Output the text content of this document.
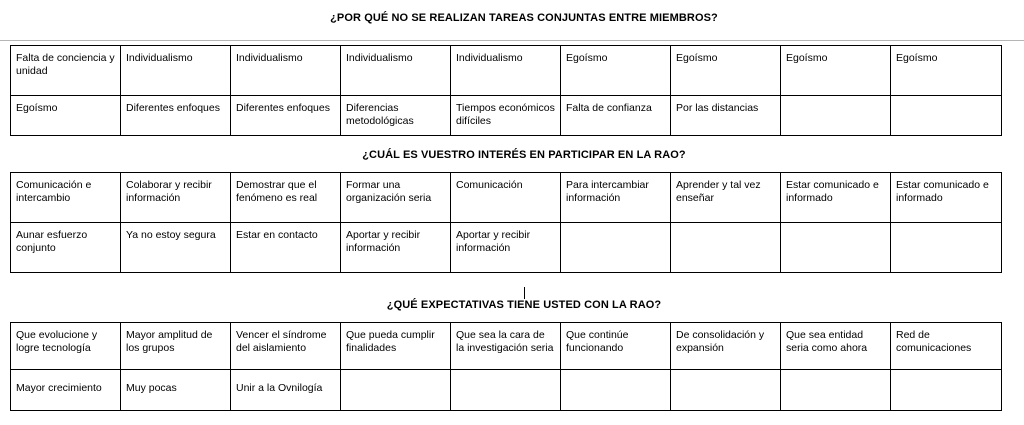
¿POR QUÉ NO SE REALIZAN TAREAS CONJUNTAS ENTRE MIEMBROS?
Falta de conciencia y unidad	Individualismo	Individualismo	Individualismo	Individualismo	Egoísmo	Egoísmo	Egoísmo	Egoísmo
Egoísmo	Diferentes enfoques	Diferentes enfoques	Diferencias metodológicas	Tiempos económicos difíciles	Falta de confianza	Por las distancias		
¿CUÁL ES VUESTRO INTERÉS EN PARTICIPAR EN LA RAO?
Comunicación e intercambio	Colaborar y recibir información	Demostrar que el fenómeno es real	Formar una organización seria	Comunicación	Para intercambiar información	Aprender y tal vez enseñar	Estar comunicado e informado	Estar comunicado e informado
Aunar esfuerzo conjunto	Ya no estoy segura	Estar en contacto	Aportar y recibir información	Aportar y recibir información				
¿QUÉ EXPECTATIVAS TIENE USTED CON LA RAO?
Que evolucione y logre tecnología	Mayor amplitud de los grupos	Vencer el síndrome del aislamiento	Que pueda cumplir finalidades	Que sea la cara de la investigación seria	Que continúe funcionando	De consolidación y expansión	Que sea entidad seria como ahora	Red de comunicaciones
Mayor crecimiento	Muy pocas	Unir a la Ovnilogía						
